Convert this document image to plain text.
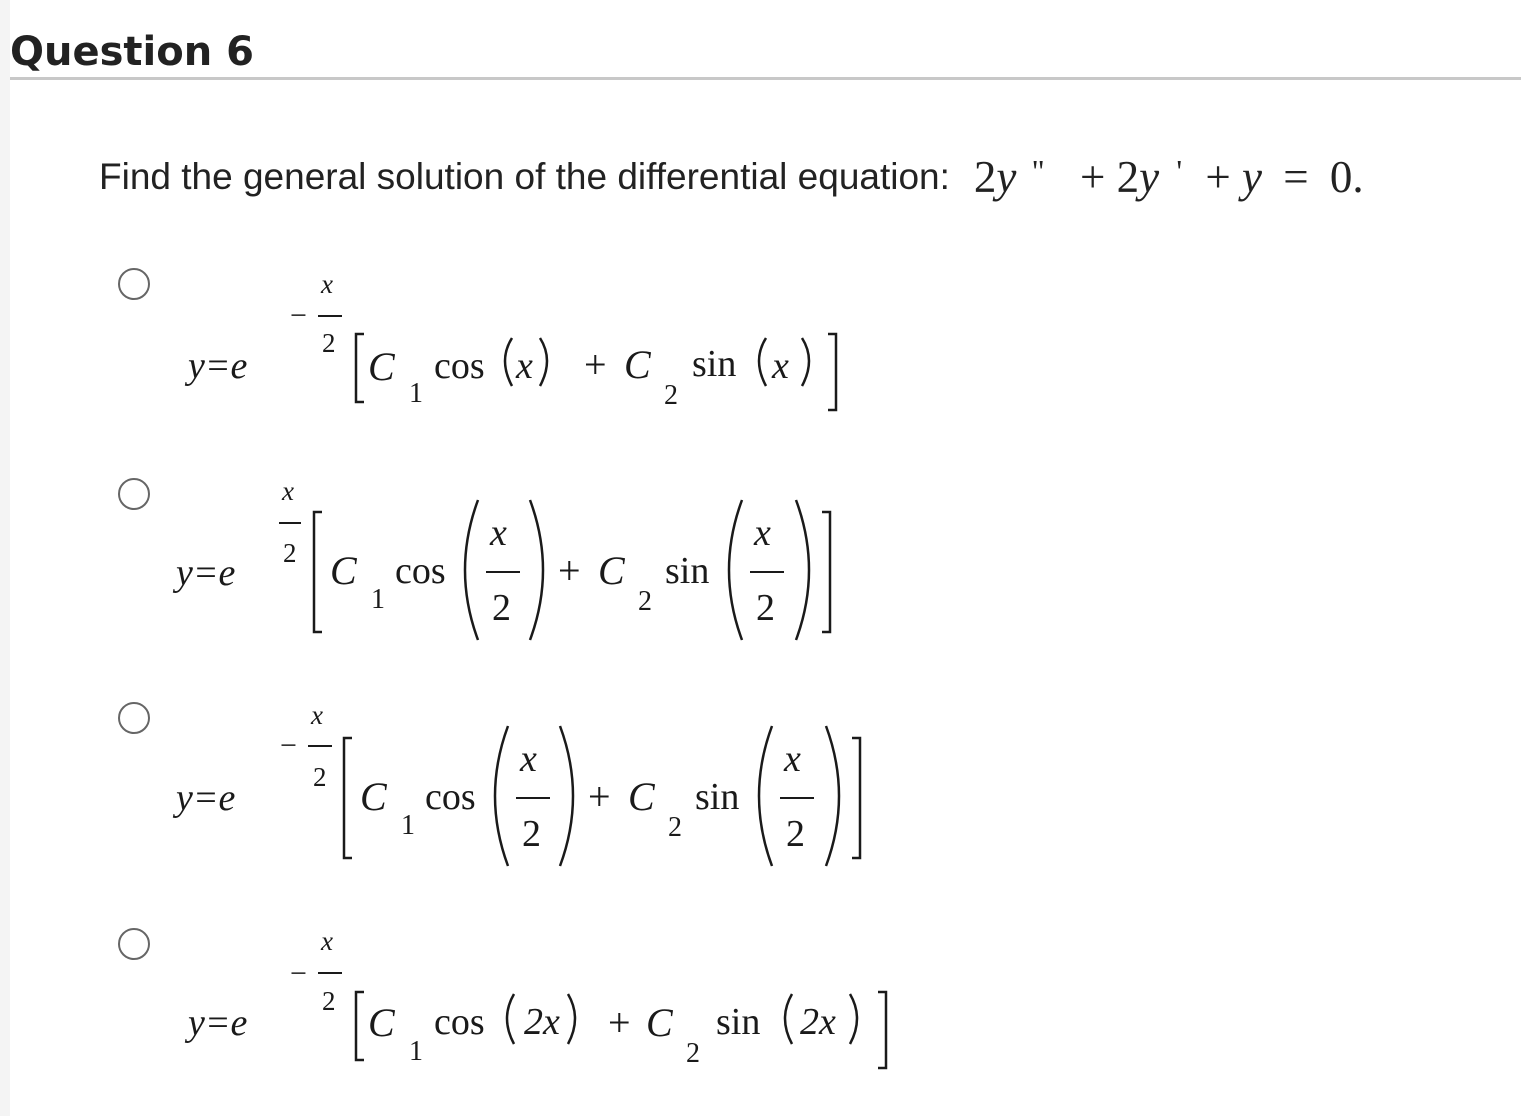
Question 6
Find the general solution of the differential equation: 2y " + 2y ' + y = 0.
y=e
−
x
2
C
1
cos x + C
2
sin x
y=e
x
2 C
1
cos
x
2
+ C
2
sin
x
2
y=e
−
x
2 C
1
cos
x
2
+ C
2
sin
x
2
y=e
−
x
2 C
1
cos 2x + C
2
sin 2x
